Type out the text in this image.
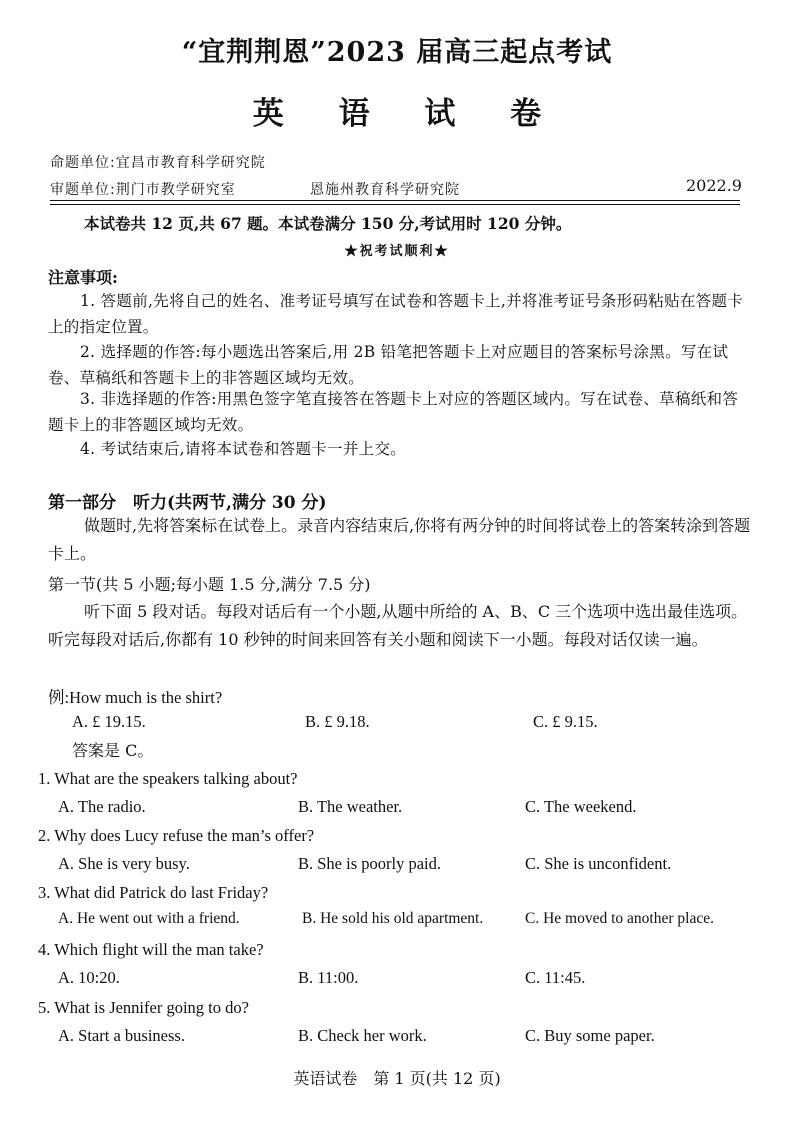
“宜荆荆恩”2023 届高三起点考试
英 语 试 卷
命题单位:宜昌市教育科学研究院
审题单位:荆门市教学研究室	恩施州教育科学研究院	2022.9
本试卷共 12 页,共 67 题。本试卷满分 150 分,考试用时 120 分钟。
★祝考试顺利★
注意事项:
1. 答题前,先将自己的姓名、准考证号填写在试卷和答题卡上,并将准考证号条形码粘贴在答题卡上的指定位置。
2. 选择题的作答:每小题选出答案后,用 2B 铅笔把答题卡上对应题目的答案标号涂黑。写在试卷、草稿纸和答题卡上的非答题区域均无效。
3. 非选择题的作答:用黑色签字笔直接答在答题卡上对应的答题区域内。写在试卷、草稿纸和答题卡上的非答题区域均无效。
4. 考试结束后,请将本试卷和答题卡一并上交。
第一部分　听力(共两节,满分 30 分)
做题时,先将答案标在试卷上。录音内容结束后,你将有两分钟的时间将试卷上的答案转涂到答题卡上。
第一节(共 5 小题;每小题 1.5 分,满分 7.5 分)
听下面 5 段对话。每段对话后有一个小题,从题中所给的 A、B、C 三个选项中选出最佳选项。听完每段对话后,你都有 10 秒钟的时间来回答有关小题和阅读下一小题。每段对话仅读一遍。
例:How much is the shirt?
A. £ 19.15.	B. £ 9.18.	C. £ 9.15.
答案是 C。
1. What are the speakers talking about?
A. The radio.	B. The weather.	C. The weekend.
2. Why does Lucy refuse the man’s offer?
A. She is very busy.	B. She is poorly paid.	C. She is unconfident.
3. What did Patrick do last Friday?
A. He went out with a friend.	B. He sold his old apartment.	C. He moved to another place.
4. Which flight will the man take?
A. 10:20.	B. 11:00.	C. 11:45.
5. What is Jennifer going to do?
A. Start a business.	B. Check her work.	C. Buy some paper.
英语试卷　第 1 页(共 12 页)
